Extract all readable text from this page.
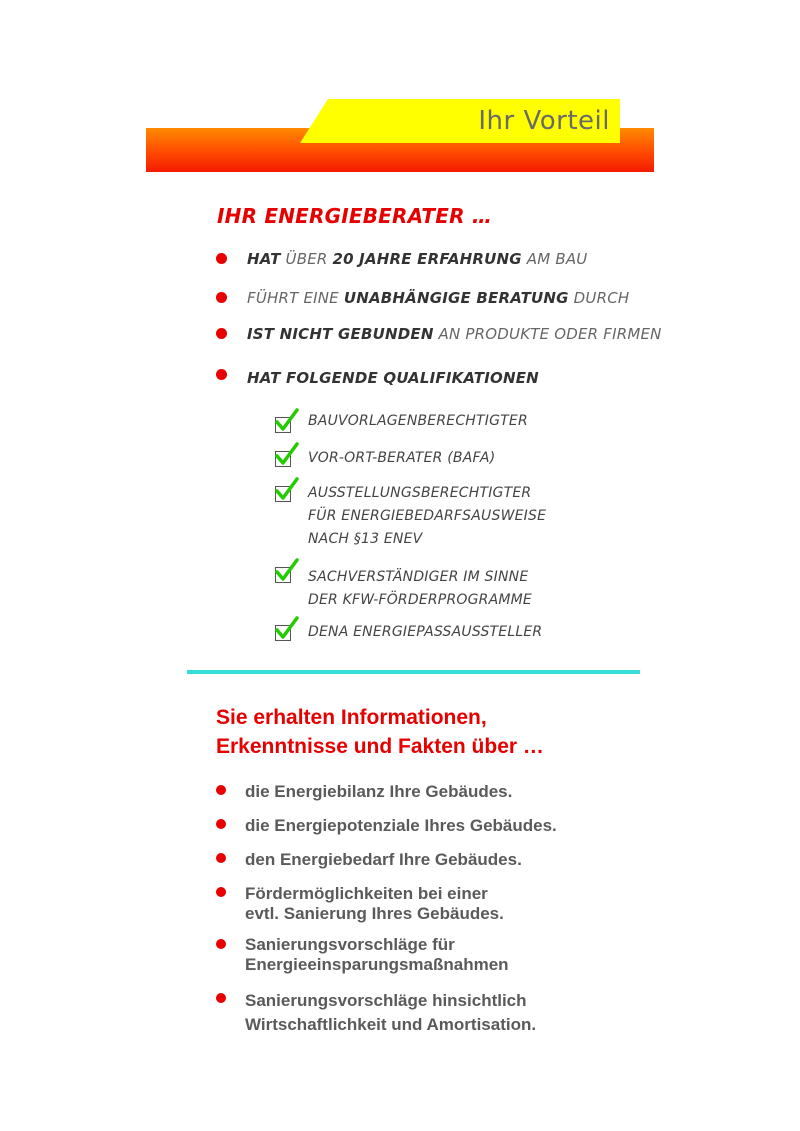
Ihr Vorteil
IHR ENERGIEBERATER …
HAT ÜBER 20 JAHRE ERFAHRUNG AM BAU
FÜHRT EINE UNABHÄNGIGE BERATUNG DURCH
IST NICHT GEBUNDEN AN PRODUKTE ODER FIRMEN
HAT FOLGENDE QUALIFIKATIONEN
BAUVORLAGENBERECHTIGTER
VOR-ORT-BERATER (BAFA)
AUSSTELLUNGSBERECHTIGTER
FÜR ENERGIEBEDARFSAUSWEISE
NACH §13 ENEV
SACHVERSTÄNDIGER IM SINNE
DER KFW-FÖRDERPROGRAMME
DENA ENERGIEPASSAUSSTELLER
Sie erhalten Informationen,
Erkenntnisse und Fakten über …
die Energiebilanz Ihre Gebäudes.
die Energiepotenziale Ihres Gebäudes.
den Energiebedarf Ihre Gebäudes.
Fördermöglichkeiten bei einer
evtl. Sanierung Ihres Gebäudes.
Sanierungsvorschläge für
Energieeinsparungsmaßnahmen
Sanierungsvorschläge hinsichtlich
Wirtschaftlichkeit und Amortisation.
